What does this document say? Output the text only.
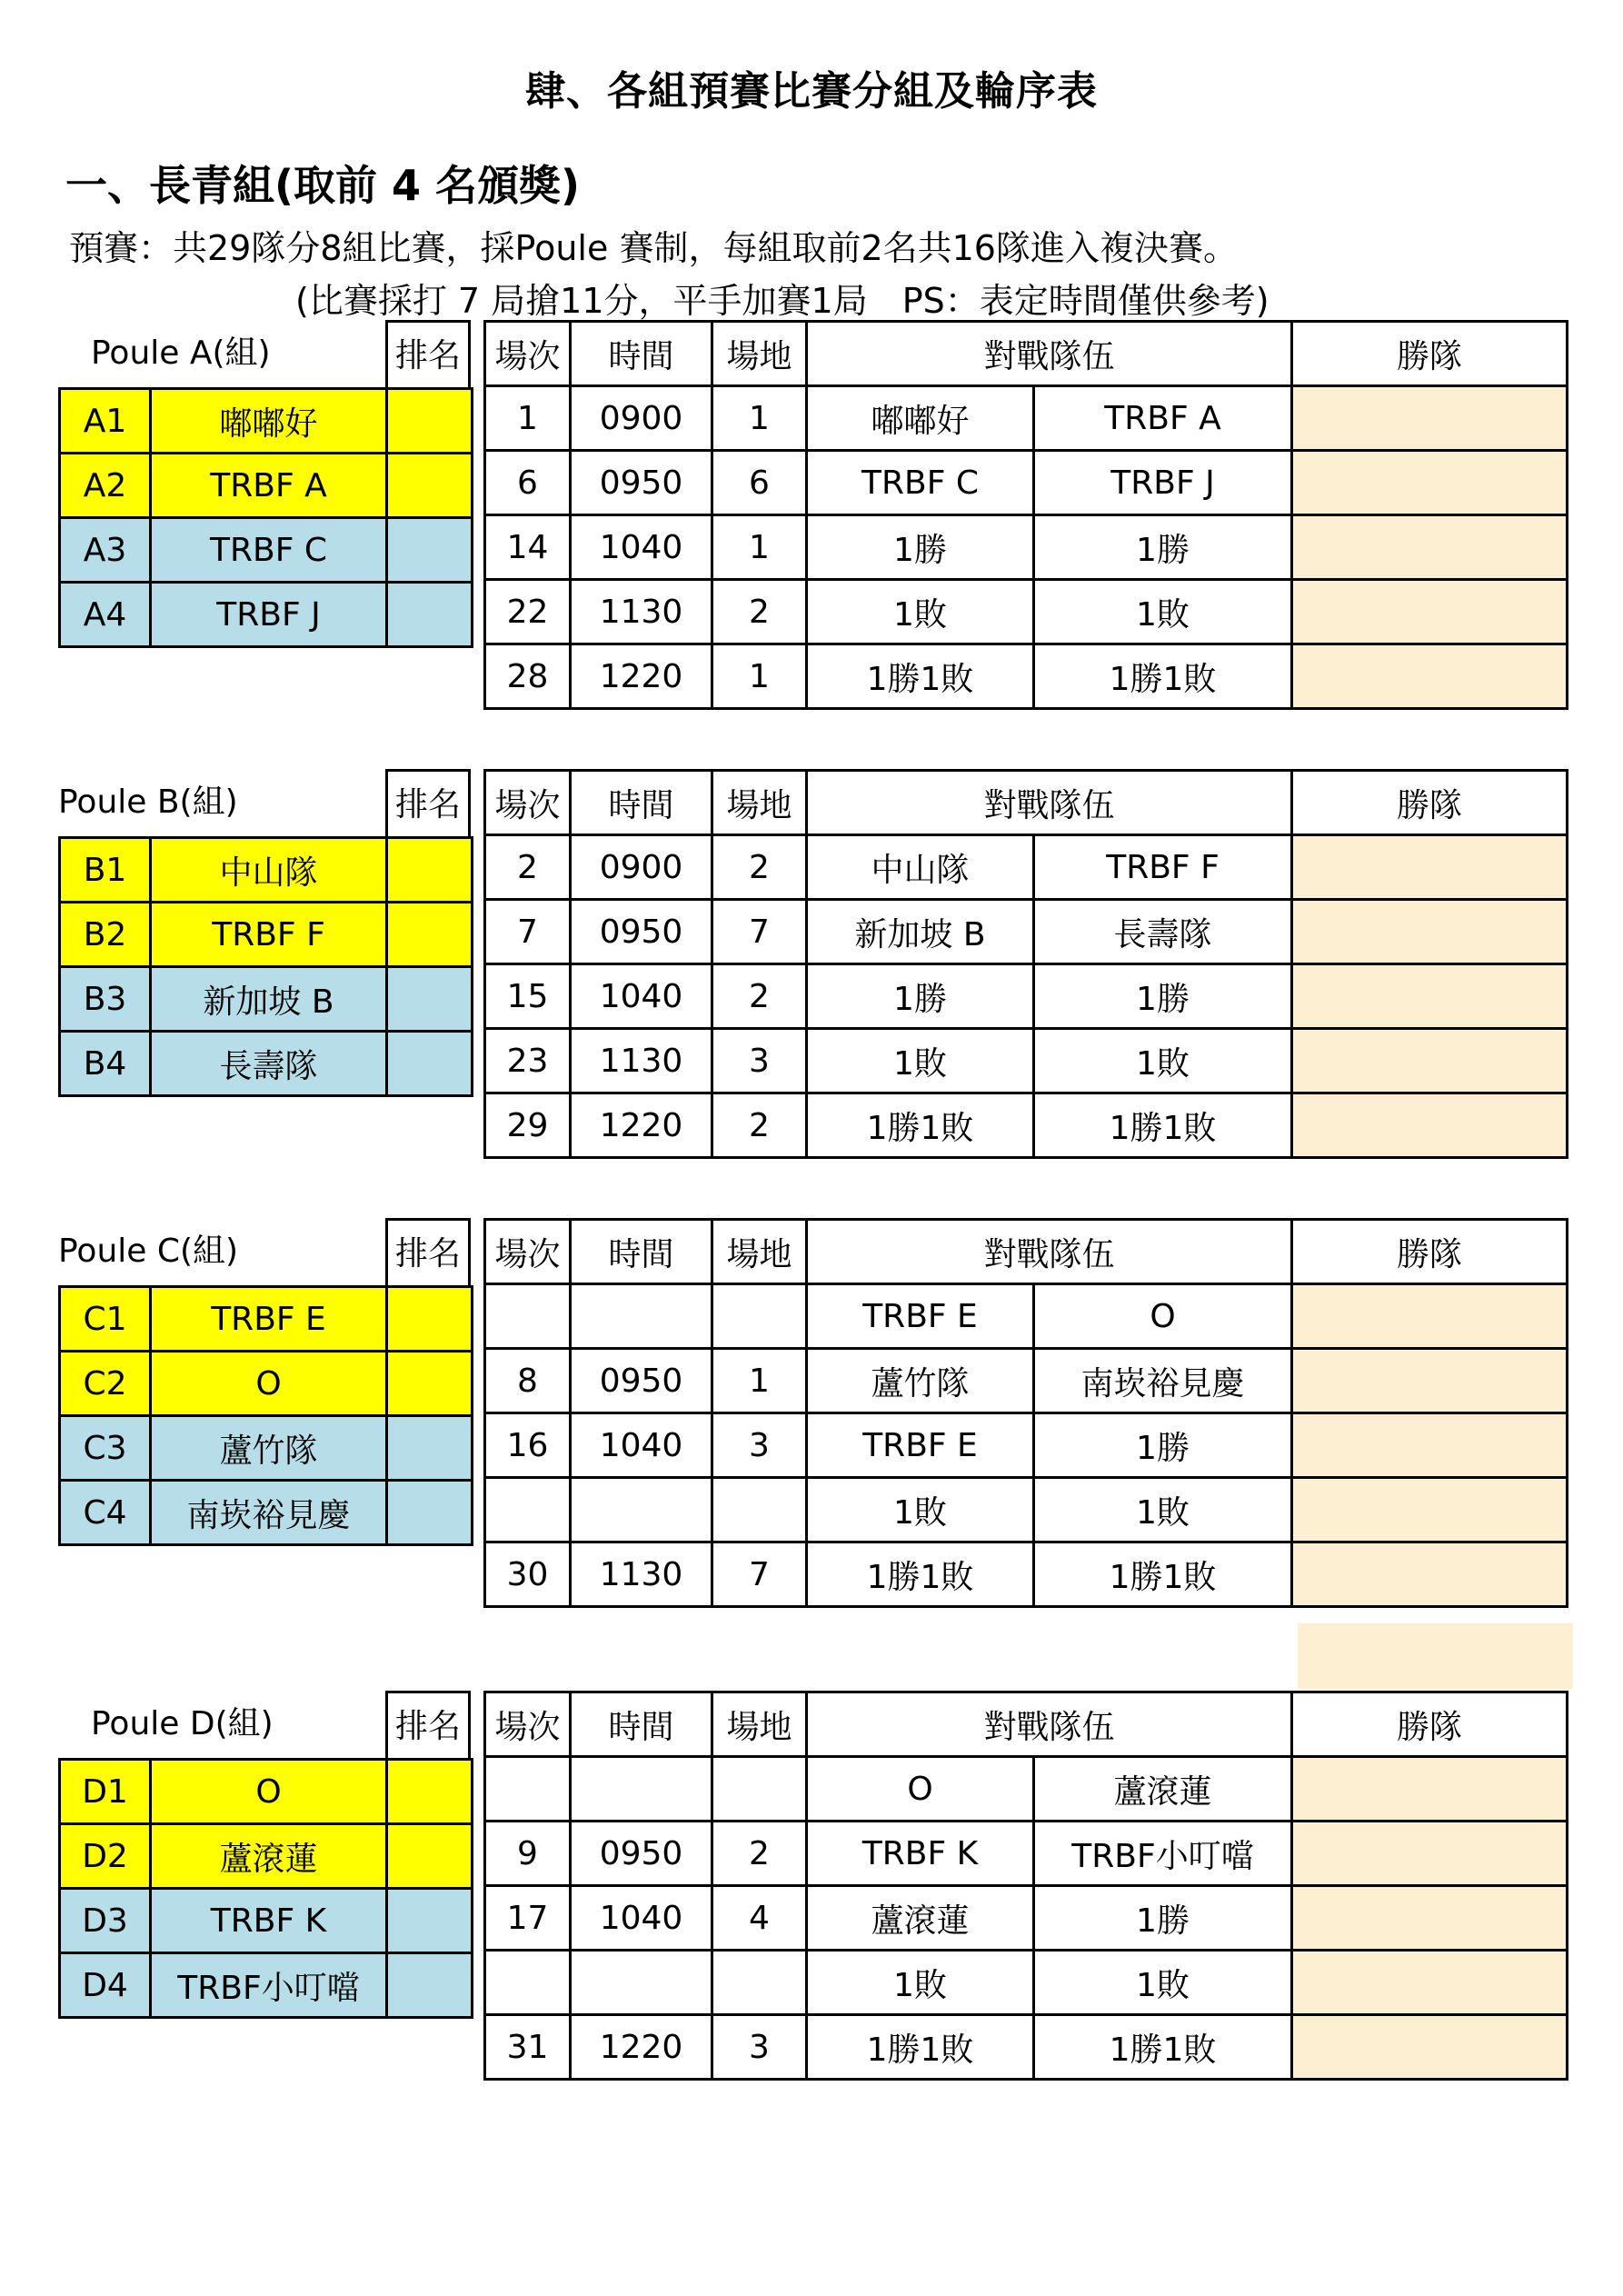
肆、各組預賽比賽分組及輪序表
一、長青組(取前 4 名頒獎)
預賽：共29隊分8組比賽，採Poule 賽制，每組取前2名共16隊進入複決賽。
(比賽採打 7 局搶11分，平手加賽1局　PS：表定時間僅供參考)
Poule A(組)	排名
A1	嘟嘟好	
A2	TRBF A	
A3	TRBF C	
A4	TRBF J	
場次	時間	場地	對戰隊伍		勝隊
1	0900	1	嘟嘟好	TRBF A	
6	0950	6	TRBF C	TRBF J	
14	1040	1	1勝	1勝	
22	1130	2	1敗	1敗	
28	1220	1	1勝1敗	1勝1敗	
Poule B(組)	排名
B1	中山隊	
B2	TRBF F	
B3	新加坡 B	
B4	長壽隊	
場次	時間	場地	對戰隊伍		勝隊
2	0900	2	中山隊	TRBF F	
7	0950	7	新加坡 B	長壽隊	
15	1040	2	1勝	1勝	
23	1130	3	1敗	1敗	
29	1220	2	1勝1敗	1勝1敗	
Poule C(組)	排名
C1	TRBF E	
C2	O	
C3	蘆竹隊	
C4	南崁裕見慶	
場次	時間	場地	對戰隊伍		勝隊
			TRBF E	O	
8	0950	1	蘆竹隊	南崁裕見慶	
16	1040	3	TRBF E	1勝	
			1敗	1敗	
30	1130	7	1勝1敗	1勝1敗	
Poule D(組)	排名
D1	O	
D2	蘆滾蓮	
D3	TRBF K	
D4	TRBF小叮噹	
場次	時間	場地	對戰隊伍		勝隊
			O	蘆滾蓮	
9	0950	2	TRBF K	TRBF小叮噹	
17	1040	4	蘆滾蓮	1勝	
			1敗	1敗	
31	1220	3	1勝1敗	1勝1敗	
